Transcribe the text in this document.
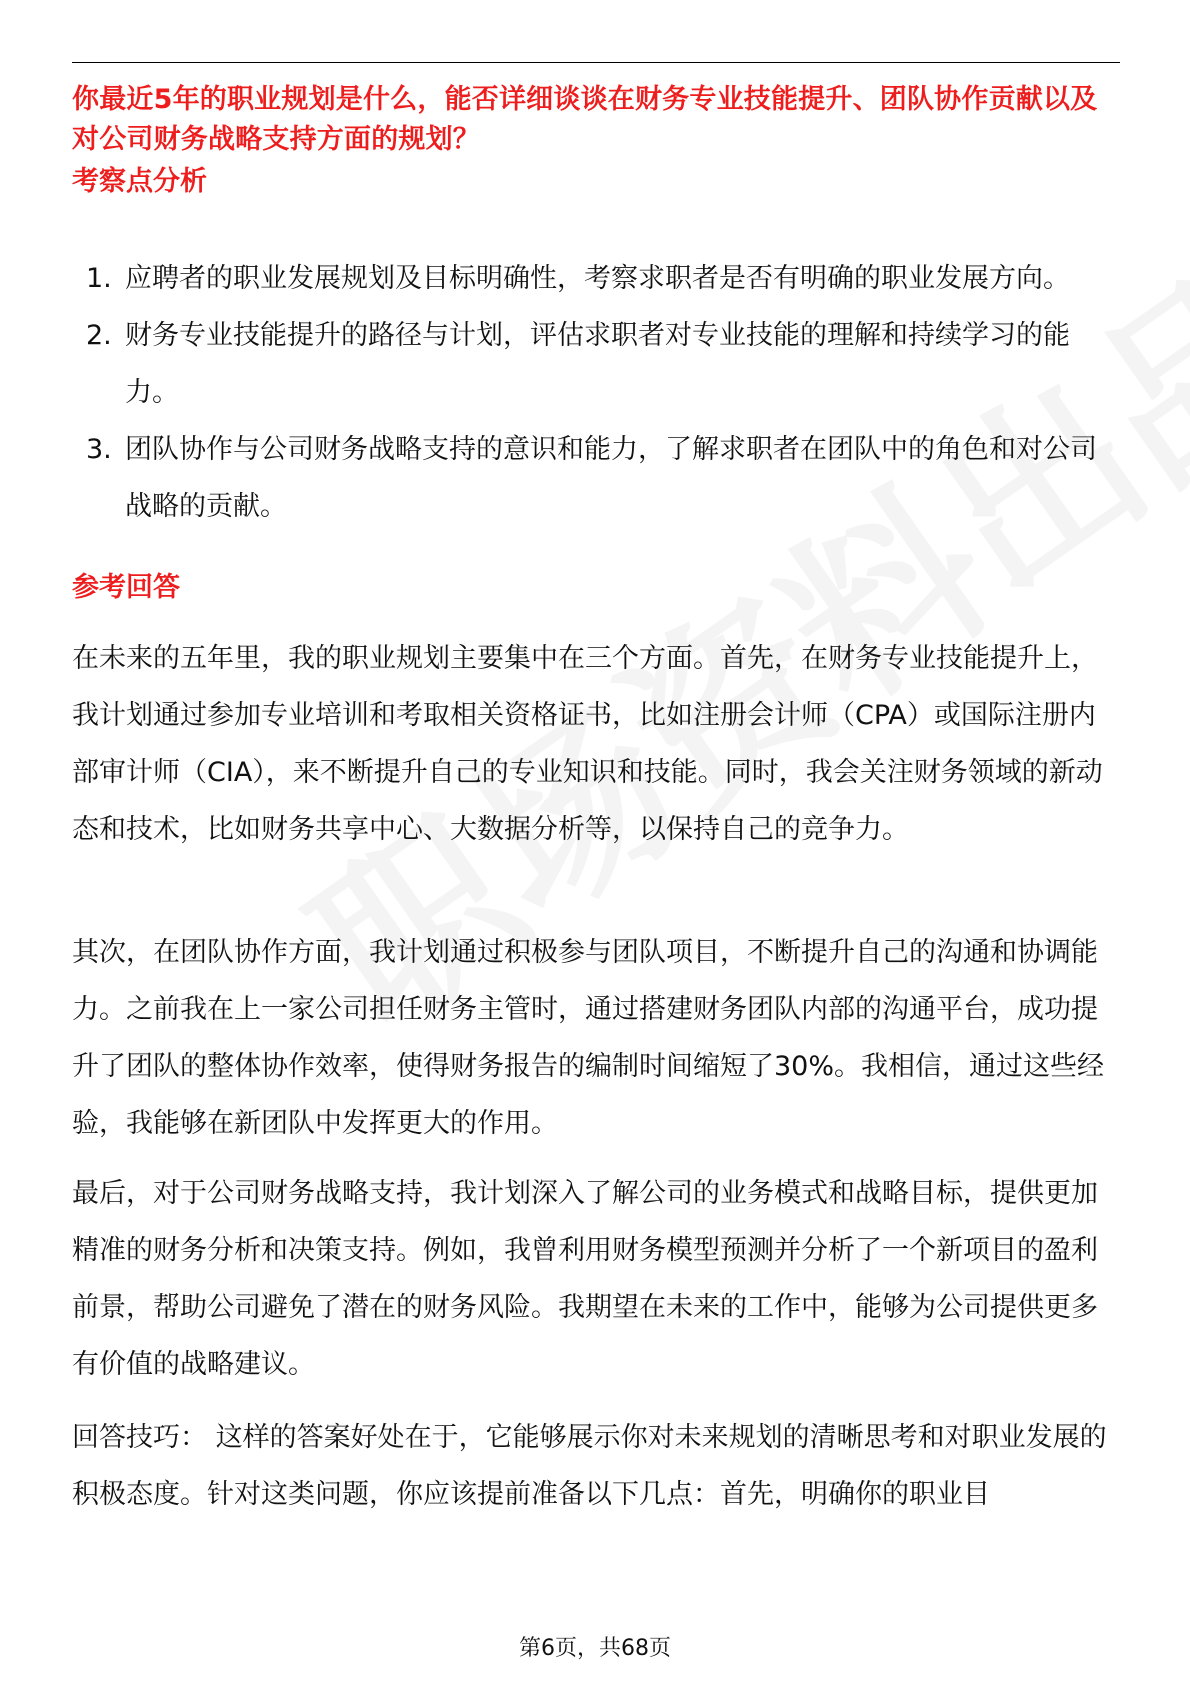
你最近5年的职业规划是什么，能否详细谈谈在财务专业技能提升、团队协作贡献以及对公司财务战略支持方面的规划？
考察点分析
1. 应聘者的职业发展规划及目标明确性，考察求职者是否有明确的职业发展方向。
2. 财务专业技能提升的路径与计划，评估求职者对专业技能的理解和持续学习的能力。
3. 团队协作与公司财务战略支持的意识和能力，了解求职者在团队中的角色和对公司战略的贡献。
参考回答

在未来的五年里，我的职业规划主要集中在三个方面。首先，在财务专业技能提升上，我计划通过参加专业培训和考取相关资格证书，比如注册会计师（CPA）或国际注册内部审计师（CIA），来不断提升自己的专业知识和技能。同时，我会关注财务领域的新动态和技术，比如财务共享中心、大数据分析等，以保持自己的竞争力。

其次，在团队协作方面，我计划通过积极参与团队项目，不断提升自己的沟通和协调能力。之前我在上一家公司担任财务主管时，通过搭建财务团队内部的沟通平台，成功提升了团队的整体协作效率，使得财务报告的编制时间缩短了30%。我相信，通过这些经验，我能够在新团队中发挥更大的作用。

最后，对于公司财务战略支持，我计划深入了解公司的业务模式和战略目标，提供更加精准的财务分析和决策支持。例如，我曾利用财务模型预测并分析了一个新项目的盈利前景，帮助公司避免了潜在的财务风险。我期望在未来的工作中，能够为公司提供更多有价值的战略建议。

回答技巧： 这样的答案好处在于，它能够展示你对未来规划的清晰思考和对职业发展的积极态度。针对这类问题，你应该提前准备以下几点：首先，明确你的职业目

第6页，共68页
